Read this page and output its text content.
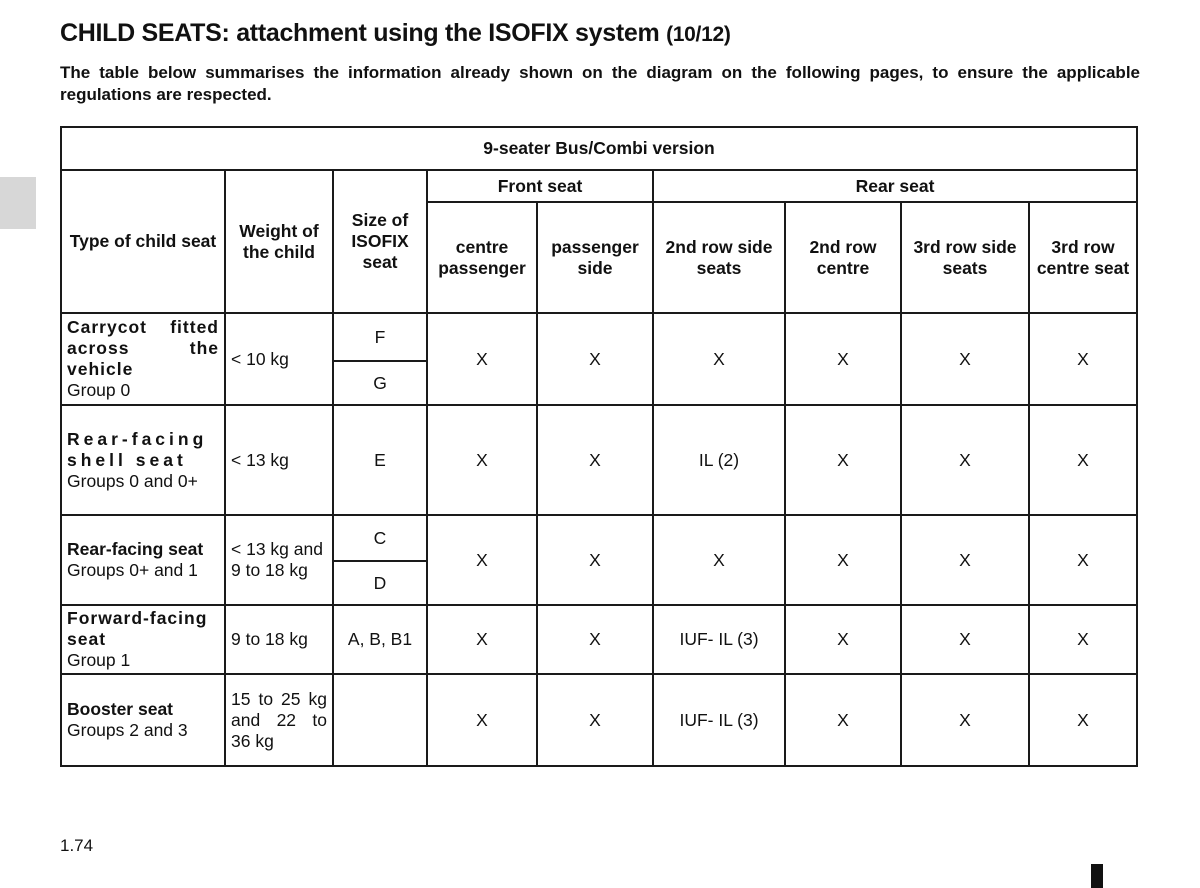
CHILD SEATS: attachment using the ISOFIX system (10/12)

The table below summarises the information already shown on the diagram on the following pages, to ensure the applicable regulations are respected.

9-seater Bus/Combi version								
Type of child seat	Weight of the child	Size of ISOFIX seat	Front seat		Rear seat			
			centre passenger	passenger side	2nd row side seats	2nd row centre	3rd row side seats	3rd row centre seat

Carrycot fitted across the vehicle
Group 0	< 10 kg	F	X	X	X	X	X	X
		G						

Rear-facing shell seat
Groups 0 and 0+	< 13 kg	E	X	X	IL (2)	X	X	X

Rear-facing seat
Groups 0+ and 1	< 13 kg and 9 to 18 kg	C	X	X	X	X	X	X
		D						

Forward-facing seat
Group 1	9 to 18 kg	A, B, B1	X	X	IUF- IL (3)	X	X	X

Booster seat
Groups 2 and 3	15 to 25 kg and 22 to 36 kg		X	X	IUF- IL (3)	X	X	X
1.74
